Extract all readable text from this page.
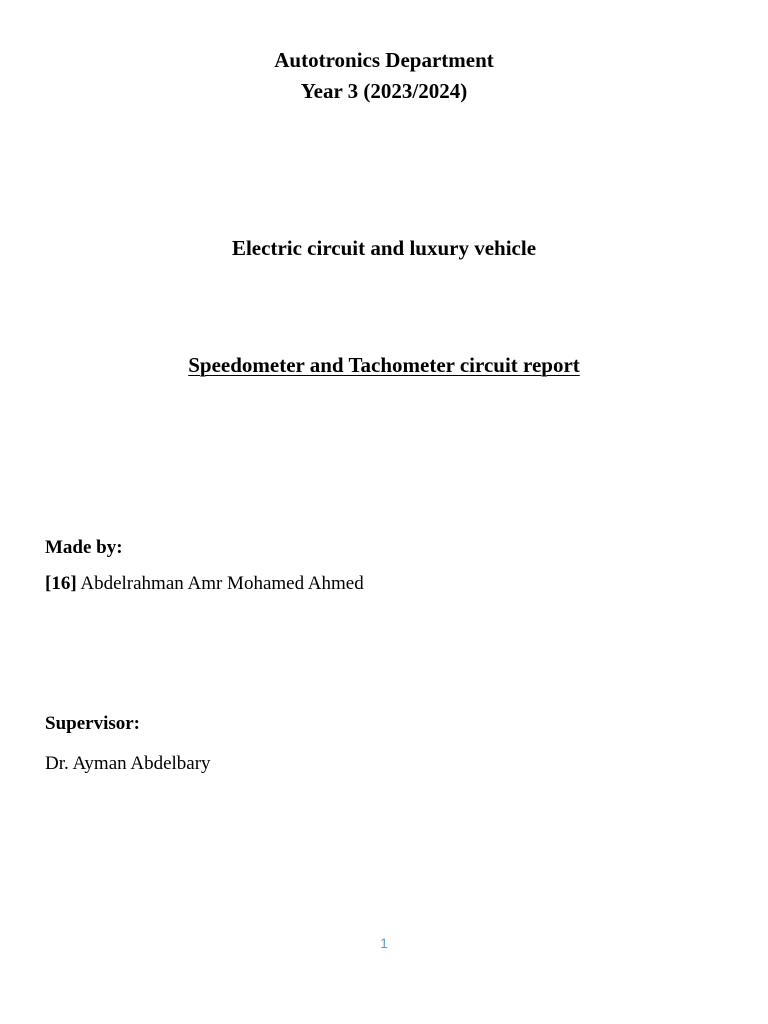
Autotronics Department
Year 3 (2023/2024)
Electric circuit and luxury vehicle
Speedometer and Tachometer circuit report
Made by:
[16] Abdelrahman Amr Mohamed Ahmed
Supervisor:
Dr. Ayman Abdelbary
1
